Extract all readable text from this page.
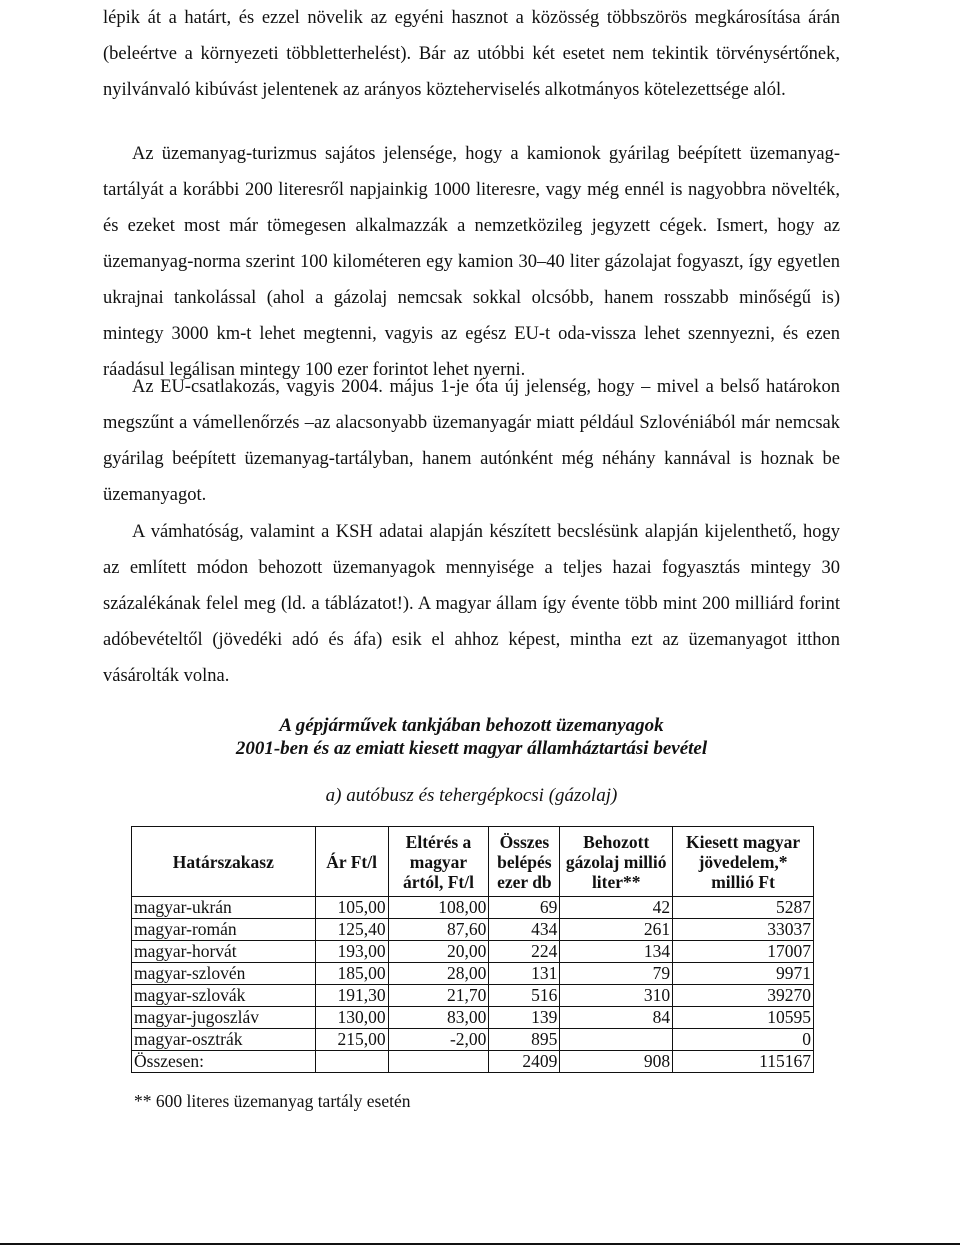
lépik át a határt, és ezzel növelik az egyéni hasznot a közösség többszörös megkárosítása árán (beleértve a környezeti többletterhelést). Bár az utóbbi két esetet nem tekintik törvénysértőnek, nyilvánvaló kibúvást jelentenek az arányos közteherviselés alkotmányos kötelezettsége alól.

Az üzemanyag-turizmus sajátos jelensége, hogy a kamionok gyárilag beépített üzemanyag-tartályát a korábbi 200 literesről napjainkig 1000 literesre, vagy még ennél is nagyobbra növelték, és ezeket most már tömegesen alkalmazzák a nemzetközileg jegyzett cégek. Ismert, hogy az üzemanyag-norma szerint 100 kilométeren egy kamion 30–40 liter gázolajat fogyaszt, így egyetlen ukrajnai tankolással (ahol a gázolaj nemcsak sokkal olcsóbb, hanem rosszabb minőségű is) mintegy 3000 km-t lehet megtenni, vagyis az egész EU-t oda-vissza lehet szennyezni, és ezen ráadásul legálisan mintegy 100 ezer forintot lehet nyerni.

Az EU-csatlakozás, vagyis 2004. május 1-je óta új jelenség, hogy – mivel a belső határokon megszűnt a vámellenőrzés –az alacsonyabb üzemanyagár miatt például Szlovéniából már nemcsak gyárilag beépített üzemanyag-tartályban, hanem autónként még néhány kannával is hoznak be üzemanyagot.

A vámhatóság, valamint a KSH adatai alapján készített becslésünk alapján kijelenthető, hogy az említett módon behozott üzemanyagok mennyisége a teljes hazai fogyasztás mintegy 30 százalékának felel meg (ld. a táblázatot!). A magyar állam így évente több mint 200 milliárd forint adóbevételtől (jövedéki adó és áfa) esik el ahhoz képest, mintha ezt az üzemanyagot itthon vásárolták volna.

A gépjárművek tankjában behozott üzemanyagok

2001-ben és az emiatt kiesett magyar államháztartási bevétel

a) autóbusz és tehergépkocsi (gázolaj)

Határszakasz	Ár Ft/l	Eltérés a magyar ártól, Ft/l	Összes belépés ezer db	Behozott gázolaj millió liter**	Kiesett magyar jövedelem,* millió Ft
magyar-ukrán	105,00	108,00	69	42	5287
magyar-román	125,40	87,60	434	261	33037
magyar-horvát	193,00	20,00	224	134	17007
magyar-szlovén	185,00	28,00	131	79	9971
magyar-szlovák	191,30	21,70	516	310	39270
magyar-jugoszláv	130,00	83,00	139	84	10595
magyar-osztrák	215,00	-2,00	895		0
Összesen:			2409	908	115167

** 600 literes üzemanyag tartály esetén
